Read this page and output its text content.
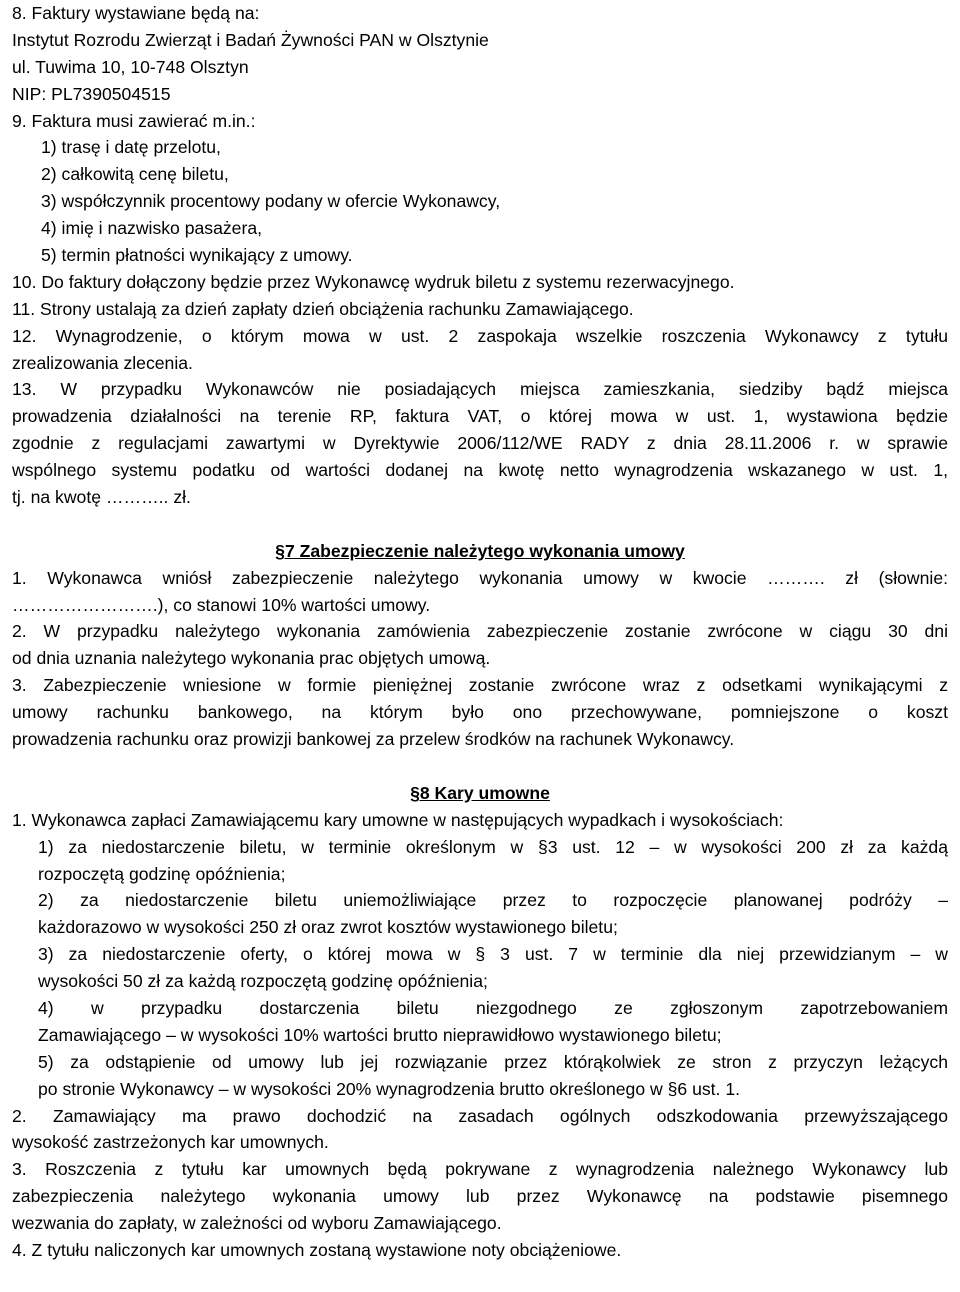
8. Faktury wystawiane będą na:
Instytut Rozrodu Zwierząt i Badań Żywności PAN w Olsztynie
ul. Tuwima 10, 10-748 Olsztyn
NIP: PL7390504515
9. Faktura musi zawierać m.in.:
1) trasę i datę przelotu,
2) całkowitą cenę biletu,
3) współczynnik procentowy podany w ofercie Wykonawcy,
4) imię i nazwisko pasażera,
5) termin płatności wynikający z umowy.
10. Do faktury dołączony będzie przez Wykonawcę wydruk biletu z systemu rezerwacyjnego.
11. Strony ustalają za dzień zapłaty dzień obciążenia rachunku Zamawiającego.
12. Wynagrodzenie, o którym mowa w ust. 2 zaspokaja wszelkie roszczenia Wykonawcy z tytułu
zrealizowania zlecenia.
13. W przypadku Wykonawców nie posiadających miejsca zamieszkania, siedziby bądź miejsca
prowadzenia działalności na terenie RP, faktura VAT, o której mowa w ust. 1, wystawiona będzie
zgodnie z regulacjami zawartymi w Dyrektywie 2006/112/WE RADY z dnia 28.11.2006 r. w sprawie
wspólnego systemu podatku od wartości dodanej na kwotę netto wynagrodzenia wskazanego w ust. 1,
tj. na kwotę ……….. zł.
§7 Zabezpieczenie należytego wykonania umowy
1. Wykonawca wniósł zabezpieczenie należytego wykonania umowy w kwocie ………. zł (słownie:
…………………….), co stanowi 10% wartości umowy.
2. W przypadku należytego wykonania zamówienia zabezpieczenie zostanie zwrócone w ciągu 30 dni
od dnia uznania należytego wykonania prac objętych umową.
3. Zabezpieczenie wniesione w formie pieniężnej zostanie zwrócone wraz z odsetkami wynikającymi z
umowy rachunku bankowego, na którym było ono przechowywane, pomniejszone o koszt
prowadzenia rachunku oraz prowizji bankowej za przelew środków na rachunek Wykonawcy.
§8 Kary umowne
1. Wykonawca zapłaci Zamawiającemu kary umowne w następujących wypadkach i wysokościach:
1) za niedostarczenie biletu, w terminie określonym w §3 ust. 12 – w wysokości 200 zł za każdą
rozpoczętą godzinę opóźnienia;
2) za niedostarczenie biletu uniemożliwiające przez to rozpoczęcie planowanej podróży –
każdorazowo w wysokości 250 zł oraz zwrot kosztów wystawionego biletu;
3) za niedostarczenie oferty, o której mowa w § 3 ust. 7 w terminie dla niej przewidzianym – w
wysokości 50 zł za każdą rozpoczętą godzinę opóźnienia;
4) w przypadku dostarczenia biletu niezgodnego ze zgłoszonym zapotrzebowaniem
Zamawiającego – w wysokości 10% wartości brutto nieprawidłowo wystawionego biletu;
5) za odstąpienie od umowy lub jej rozwiązanie przez którąkolwiek ze stron z przyczyn leżących
po stronie Wykonawcy – w wysokości 20% wynagrodzenia brutto określonego w §6 ust. 1.
2. Zamawiający ma prawo dochodzić na zasadach ogólnych odszkodowania przewyższającego
wysokość zastrzeżonych kar umownych.
3. Roszczenia z tytułu kar umownych będą pokrywane z wynagrodzenia należnego Wykonawcy lub
zabezpieczenia należytego wykonania umowy lub przez Wykonawcę na podstawie pisemnego
wezwania do zapłaty, w zależności od wyboru Zamawiającego.
4. Z tytułu naliczonych kar umownych zostaną wystawione noty obciążeniowe.
